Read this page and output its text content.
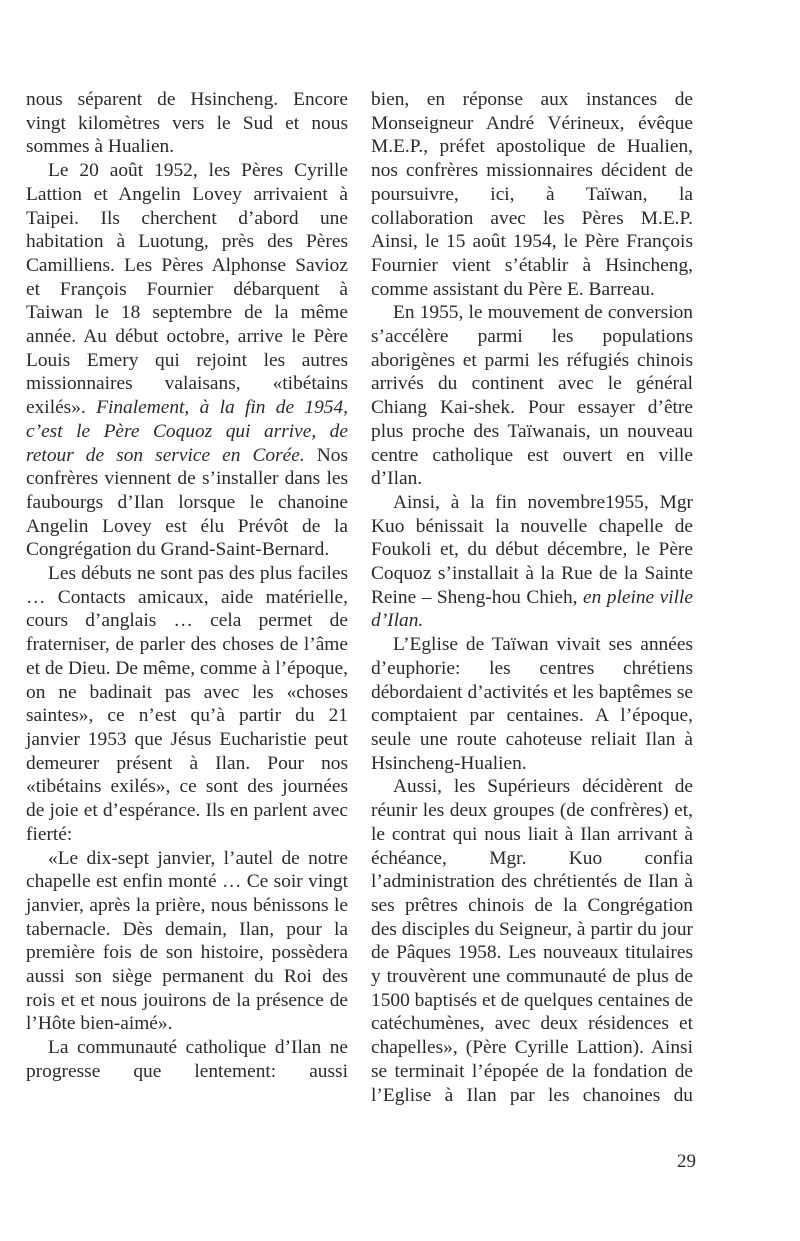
nous séparent de Hsincheng. Encore vingt kilomètres vers le Sud et nous sommes à Hualien.

Le 20 août 1952, les Pères Cyrille Lattion et Angelin Lovey arrivaient à Taipei. Ils cherchent d’abord une habitation à Luotung, près des Pères Camilliens. Les Pères Alphonse Savioz et François Fournier débarquent à Taiwan le 18 septembre de la même année. Au début octobre, arrive le Père Louis Emery qui rejoint les autres missionnaires valaisans, «tibétains exilés». Finalement, à la fin de 1954, c’est le Père Coquoz qui arrive, de retour de son service en Corée. Nos confrères viennent de s’installer dans les faubourgs d’Ilan lorsque le chanoine Angelin Lovey est élu Prévôt de la Congrégation du Grand-Saint-Bernard.

Les débuts ne sont pas des plus faciles … Contacts amicaux, aide matérielle, cours d’anglais … cela permet de fraterniser, de parler des choses de l’âme et de Dieu. De même, comme à l’époque, on ne badinait pas avec les «choses saintes», ce n’est qu’à partir du 21 janvier 1953 que Jésus Eucharistie peut demeurer présent à Ilan. Pour nos «tibétains exilés», ce sont des journées de joie et d’espérance. Ils en parlent avec fierté:

«Le dix-sept janvier, l’autel de notre chapelle est enfin monté … Ce soir vingt janvier, après la prière, nous bénissons le tabernacle. Dès demain, Ilan, pour la première fois de son histoire, possèdera aussi son siège permanent du Roi des rois et et nous jouirons de la présence de l’Hôte bien-aimé».

La communauté catholique d’Ilan ne progresse que lentement: aussi

bien, en réponse aux instances de Monseigneur André Vérineux, évêque M.E.P., préfet apostolique de Hualien, nos confrères missionnaires décident de poursuivre, ici, à Taïwan, la collaboration avec les Pères M.E.P. Ainsi, le 15 août 1954, le Père François Fournier vient s’établir à Hsincheng, comme assistant du Père E. Barreau.

En 1955, le mouvement de conversion s’accélère parmi les populations aborigènes et parmi les réfugiés chinois arrivés du continent avec le général Chiang Kai-shek. Pour essayer d’être plus proche des Taïwanais, un nouveau centre catholique est ouvert en ville d’Ilan.

Ainsi, à la fin novembre1955, Mgr Kuo bénissait la nouvelle chapelle de Foukoli et, du début décembre, le Père Coquoz s’installait à la Rue de la Sainte Reine – Sheng-hou Chieh, en pleine ville d’Ilan.

L’Eglise de Taïwan vivait ses années d’euphorie: les centres chrétiens débordaient d’activités et les baptêmes se comptaient par centaines. A l’époque, seule une route cahoteuse reliait Ilan à Hsincheng-Hualien.

Aussi, les Supérieurs décidèrent de réunir les deux groupes (de confrères) et, le contrat qui nous liait à Ilan arrivant à échéance, Mgr. Kuo confia l’administration des chrétientés de Ilan à ses prêtres chinois de la Congrégation des disciples du Seigneur, à partir du jour de Pâques 1958. Les nouveaux titulaires y trouvèrent une communauté de plus de 1500 baptisés et de quelques centaines de catéchumènes, avec deux résidences et chapelles», (Père Cyrille Lattion). Ainsi se terminait l’épopée de la fondation de l’Eglise à Ilan par les chanoines du

29
